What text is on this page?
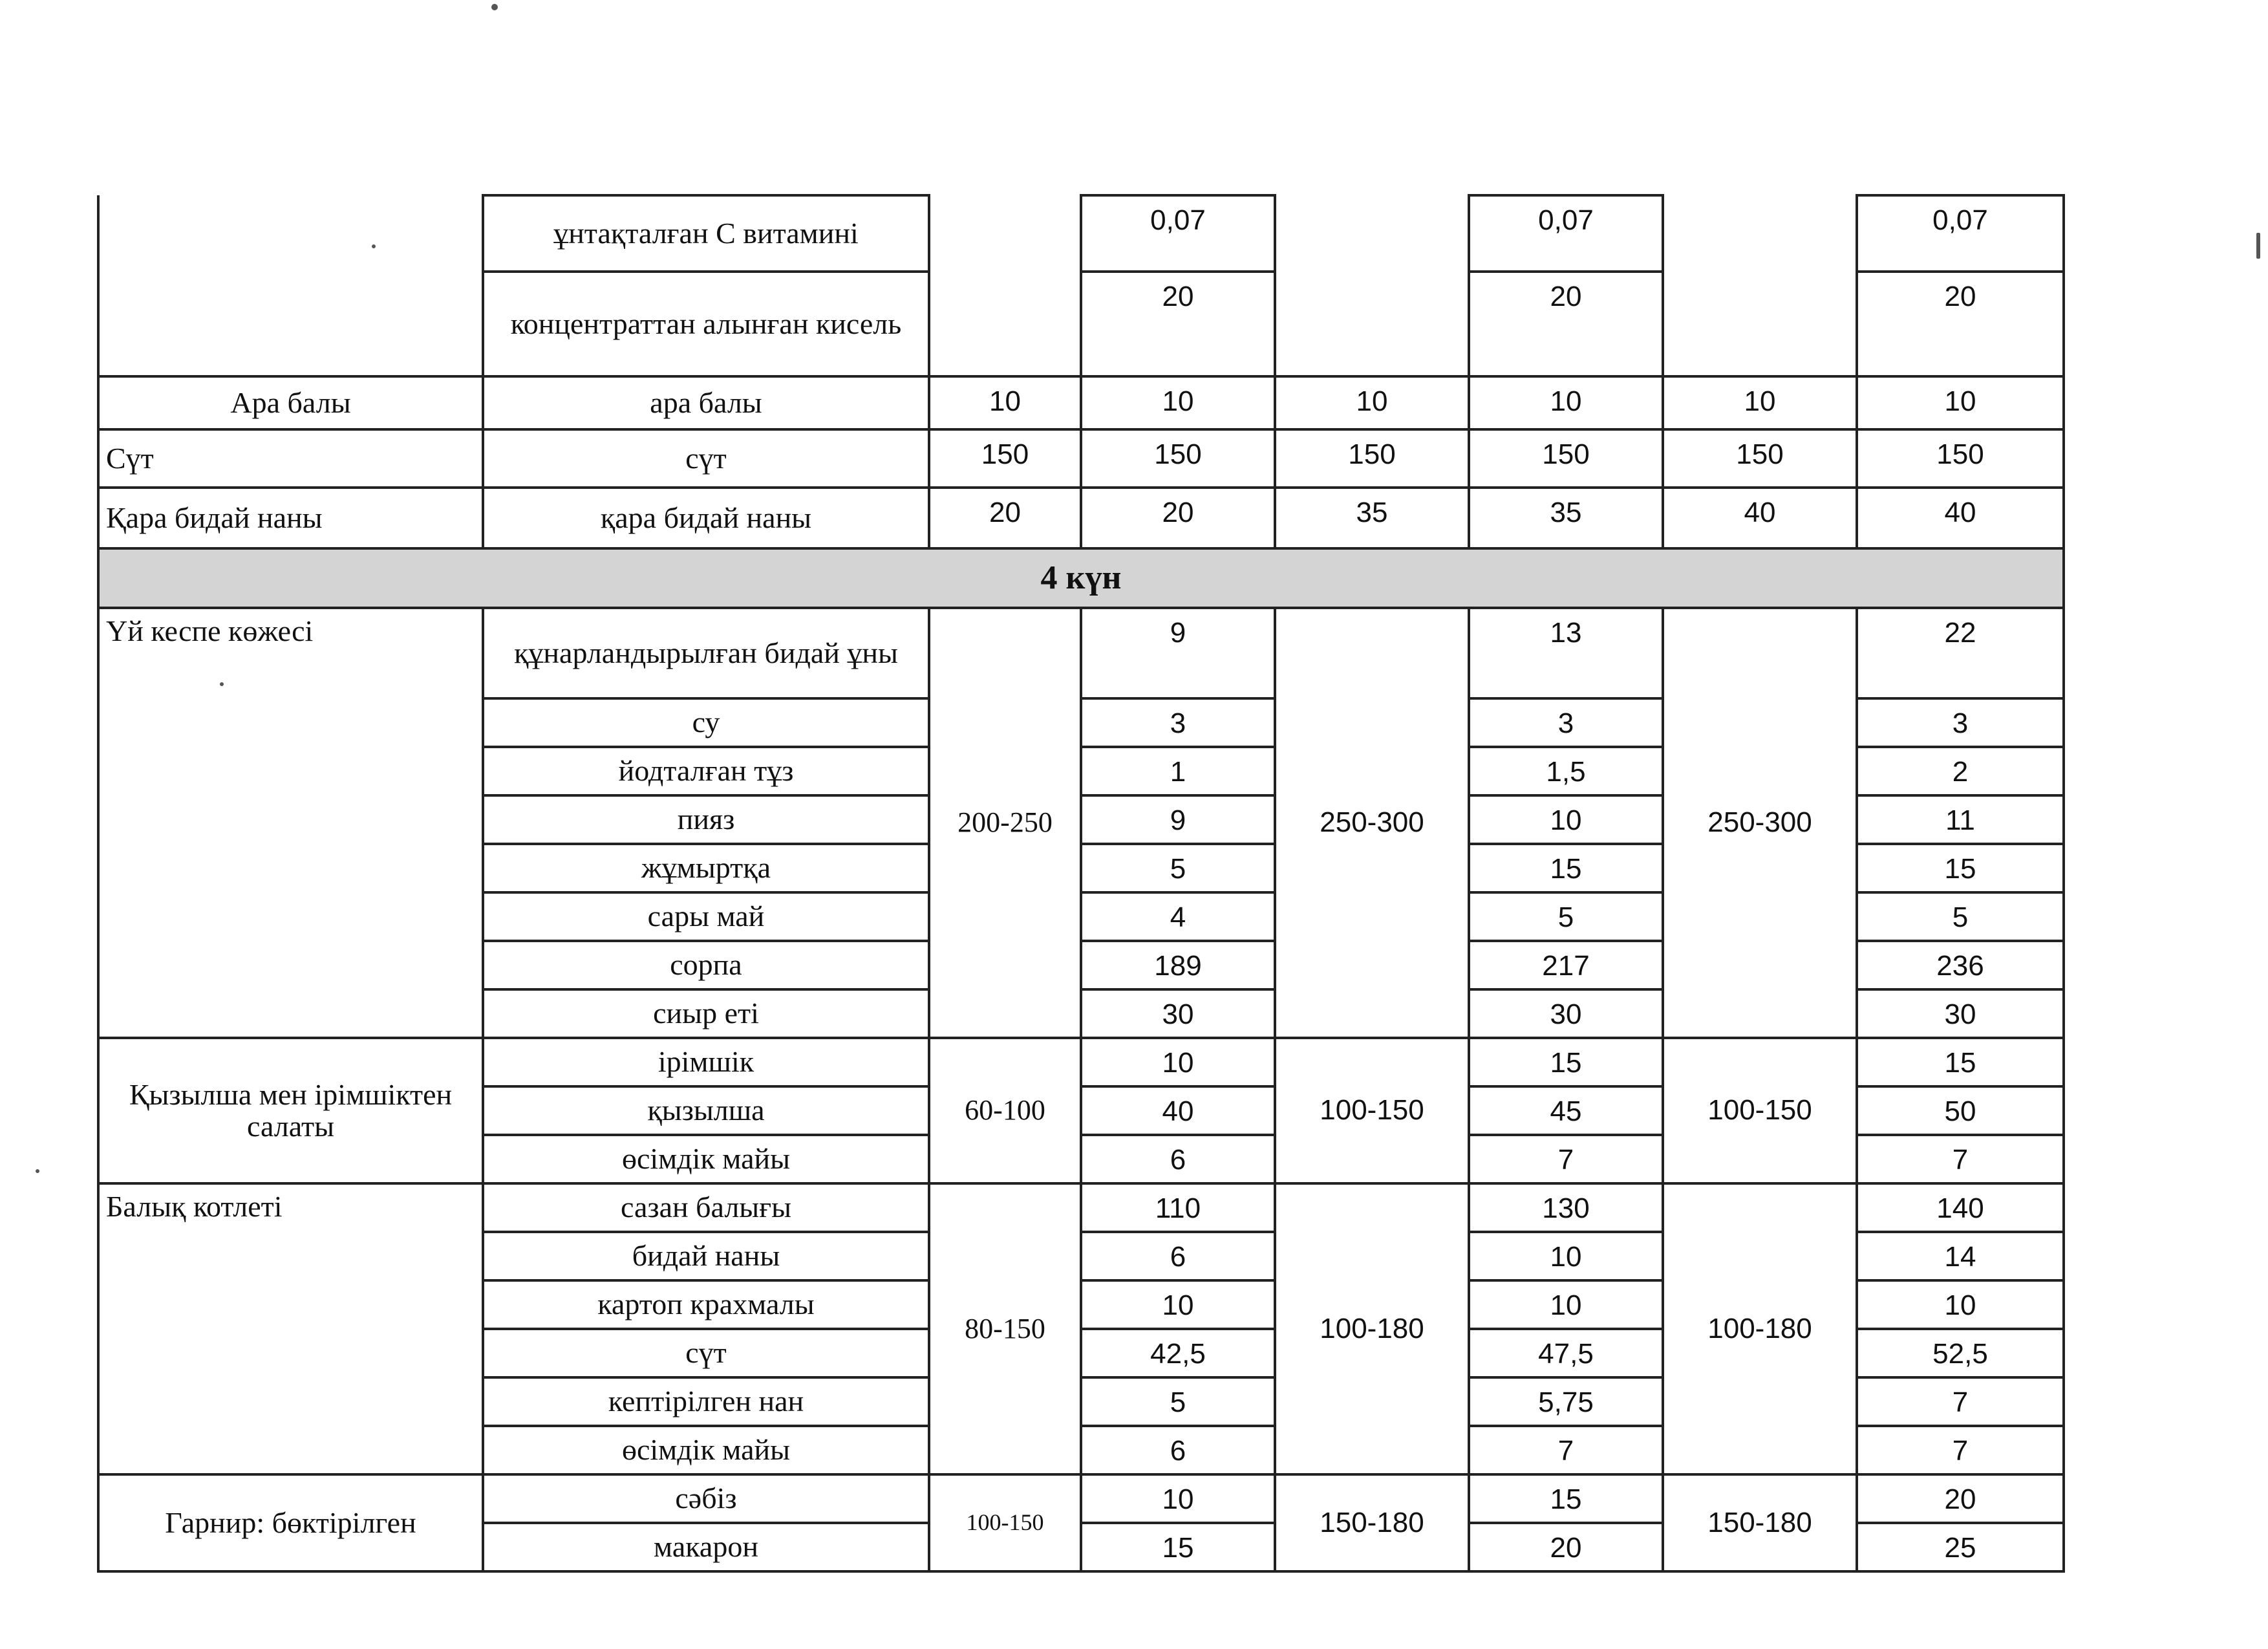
	ұнтақталған С витамині		0,07		0,07		0,07
	концентраттан алынған кисель		20		20		20
Ара балы	ара балы	10	10	10	10	10	10
Сүт	сүт	150	150	150	150	150	150
Қара бидай наны	қара бидай наны	20	20	35	35	40	40
4 күн							
Үй кеспе көжесі	құнарландырылған бидай ұны	200-250	9	250-300	13	250-300	22
	су		3		3		3
	йодталған тұз		1		1,5		2
	пияз		9		10		11
	жұмыртқа		5		15		15
	сары май		4		5		5
	сорпа		189		217		236
	сиыр еті		30		30		30
Қызылша мен ірімшіктен салаты	ірімшік	60-100	10	100-150	15	100-150	15
	қызылша		40		45		50
	өсімдік майы		6		7		7
Балық котлеті	сазан балығы	80-150	110	100-180	130	100-180	140
	бидай наны		6		10		14
	картоп крахмалы		10		10		10
	сүт		42,5		47,5		52,5
	кептірілген нан		5		5,75		7
	өсімдік майы		6		7		7
Гарнир: бөктірілген	сәбіз	100-150	10	150-180	15	150-180	20
	макарон		15		20		25
